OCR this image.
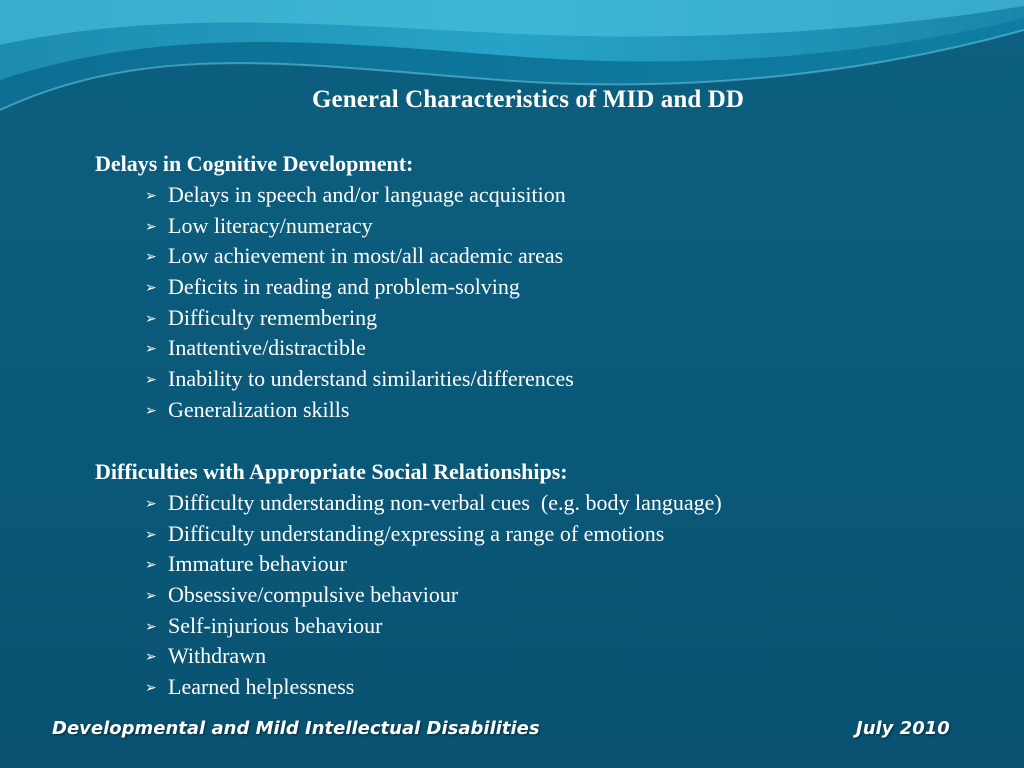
General Characteristics of MID and DD
Delays in Cognitive Development:
➢ Delays in speech and/or language acquisition
➢ Low literacy/numeracy
➢ Low achievement in most/all academic areas
➢ Deficits in reading and problem-solving
➢ Difficulty remembering
➢ Inattentive/distractible
➢ Inability to understand similarities/differences
➢ Generalization skills
Difficulties with Appropriate Social Relationships:
➢ Difficulty understanding non-verbal cues  (e.g. body language)
➢ Difficulty understanding/expressing a range of emotions
➢ Immature behaviour
➢ Obsessive/compulsive behaviour
➢ Self-injurious behaviour
➢ Withdrawn
➢ Learned helplessness
Developmental and Mild Intellectual Disabilities	July 2010
